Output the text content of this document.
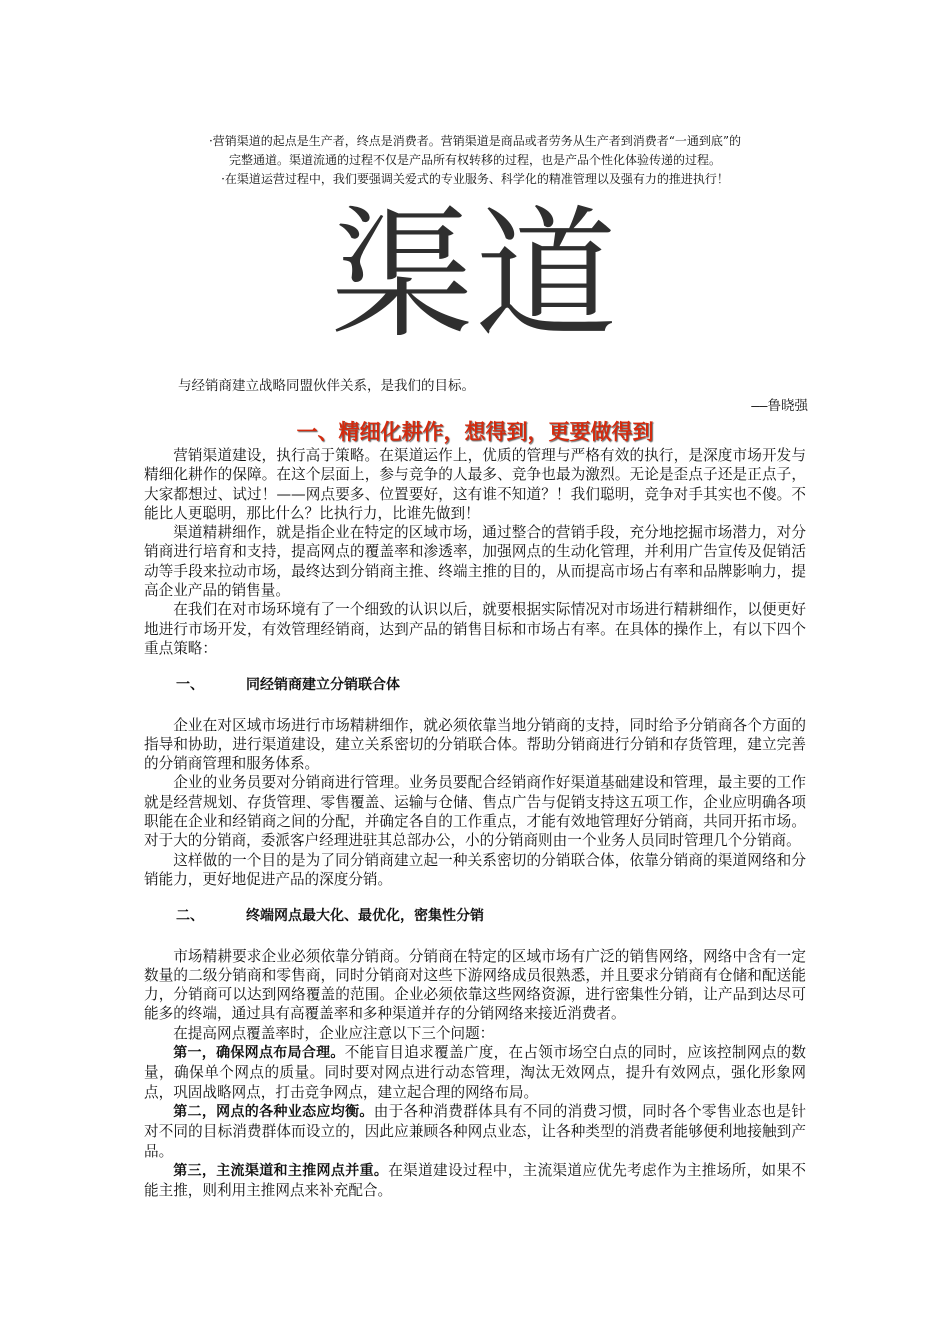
·营销渠道的起点是生产者，终点是消费者。营销渠道是商品或者劳务从生产者到消费者“一通到底”的

完整通道。渠道流通的过程不仅是产品所有权转移的过程，也是产品个性化体验传递的过程。

·在渠道运营过程中，我们要强调关爱式的专业服务、科学化的精准管理以及强有力的推进执行！

渠道
与经销商建立战略同盟伙伴关系，是我们的目标。
——鲁晓强
一、精细化耕作，想得到，更要做得到

营销渠道建设，执行高于策略。在渠道运作上，优质的管理与严格有效的执行，是深度市场开发与精细化耕作的保障。在这个层面上，参与竞争的人最多、竞争也最为激烈。无论是歪点子还是正点子，大家都想过、试过！——网点要多、位置要好，这有谁不知道？！我们聪明，竞争对手其实也不傻。不能比人更聪明，那比什么？比执行力，比谁先做到！

渠道精耕细作，就是指企业在特定的区域市场，通过整合的营销手段，充分地挖掘市场潜力，对分销商进行培育和支持，提高网点的覆盖率和渗透率，加强网点的生动化管理，并利用广告宣传及促销活动等手段来拉动市场，最终达到分销商主推、终端主推的目的，从而提高市场占有率和品牌影响力，提高企业产品的销售量。

在我们在对市场环境有了一个细致的认识以后，就要根据实际情况对市场进行精耕细作，以便更好地进行市场开发，有效管理经销商，达到产品的销售目标和市场占有率。在具体的操作上，有以下四个重点策略：

一、	同经销商建立分销联合体

企业在对区域市场进行市场精耕细作，就必须依靠当地分销商的支持，同时给予分销商各个方面的指导和协助，进行渠道建设，建立关系密切的分销联合体。帮助分销商进行分销和存货管理，建立完善的分销商管理和服务体系。

企业的业务员要对分销商进行管理。业务员要配合经销商作好渠道基础建设和管理，最主要的工作就是经营规划、存货管理、零售覆盖、运输与仓储、售点广告与促销支持这五项工作，企业应明确各项职能在企业和经销商之间的分配，并确定各自的工作重点，才能有效地管理好分销商，共同开拓市场。对于大的分销商，委派客户经理进驻其总部办公，小的分销商则由一个业务人员同时管理几个分销商。

这样做的一个目的是为了同分销商建立起一种关系密切的分销联合体，依靠分销商的渠道网络和分销能力，更好地促进产品的深度分销。

二、	终端网点最大化、最优化，密集性分销

市场精耕要求企业必须依靠分销商。分销商在特定的区域市场有广泛的销售网络，网络中含有一定数量的二级分销商和零售商，同时分销商对这些下游网络成员很熟悉，并且要求分销商有仓储和配送能力，分销商可以达到网络覆盖的范围。企业必须依靠这些网络资源，进行密集性分销，让产品到达尽可能多的终端，通过具有高覆盖率和多种渠道并存的分销网络来接近消费者。

在提高网点覆盖率时，企业应注意以下三个问题：

第一，确保网点布局合理。不能盲目追求覆盖广度，在占领市场空白点的同时，应该控制网点的数量，确保单个网点的质量。同时要对网点进行动态管理，淘汰无效网点，提升有效网点，强化形象网点，巩固战略网点，打击竞争网点，建立起合理的网络布局。

第二，网点的各种业态应均衡。由于各种消费群体具有不同的消费习惯，同时各个零售业态也是针对不同的目标消费群体而设立的，因此应兼顾各种网点业态，让各种类型的消费者能够便利地接触到产品。

第三，主流渠道和主推网点并重。在渠道建设过程中，主流渠道应优先考虑作为主推场所，如果不能主推，则利用主推网点来补充配合。
